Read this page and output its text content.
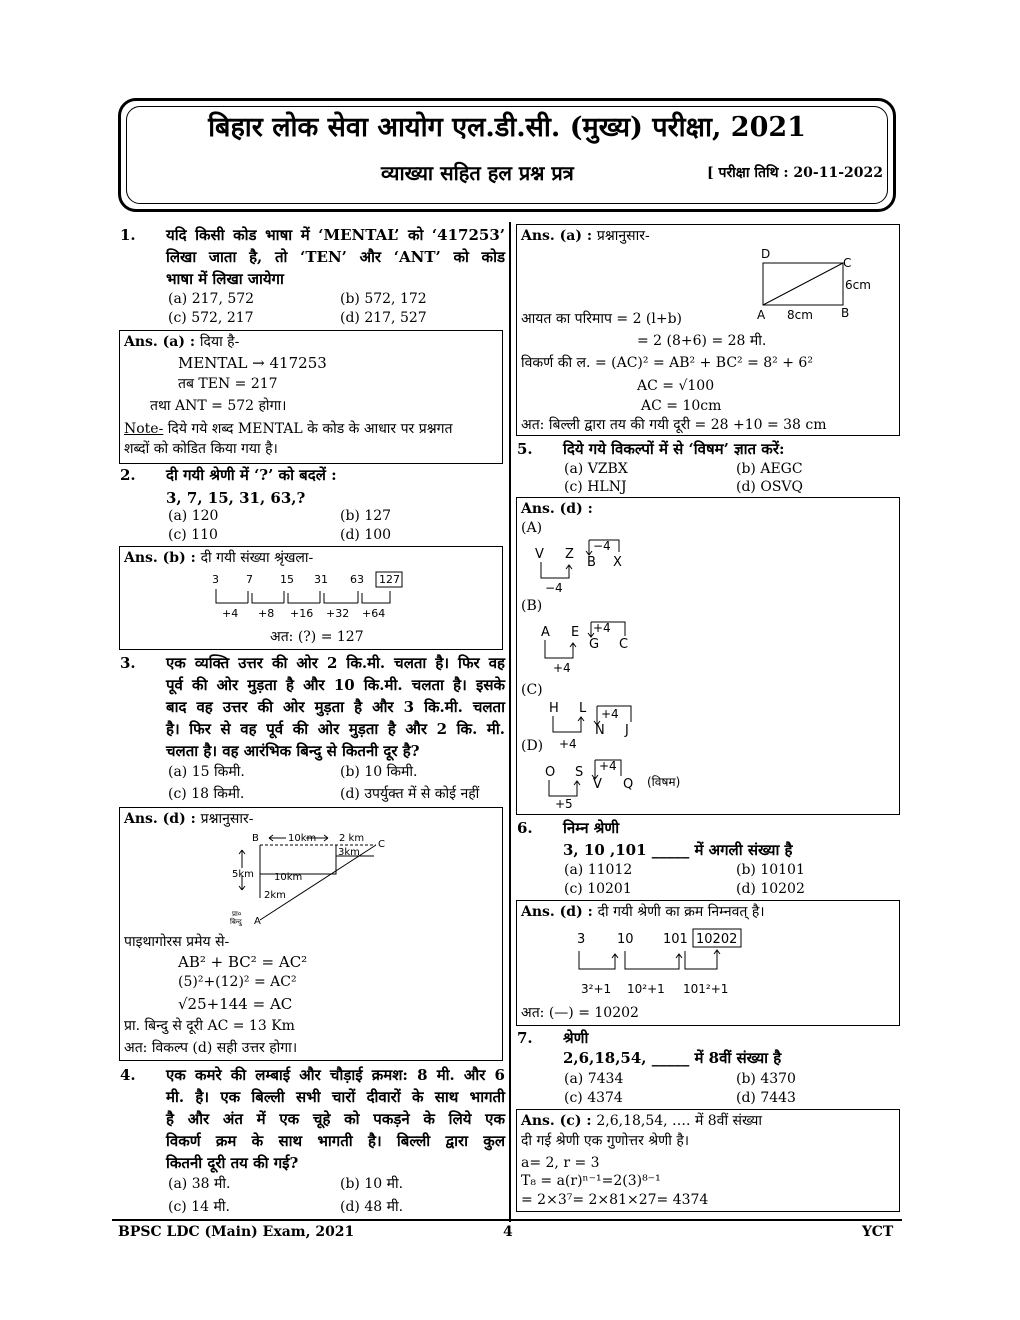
बिहार लोक सेवा आयोग एल.डी.सी. (मुख्य) परीक्षा, 2021
व्याख्या सहित हल प्रश्न प्रत्र	[ परीक्षा तिथि : 20-11-2022
1.	यदि किसी कोड भाषा में ‘MENTAL’ को ‘417253’
लिखा जाता है, तो ‘TEN’ और ‘ANT’ को कोड
भाषा में लिखा जायेगा
(a) 217, 572	(b) 572, 172
(c) 572, 217	(d) 217, 527
Ans. (a) : दिया है-
MENTAL → 417253
तब TEN = 217
तथा ANT = 572 होगा।
Note- दिये गये शब्द MENTAL के कोड के आधार पर प्रश्नगत
शब्दों को कोडित किया गया है।
2.	दी गयी श्रेणी में ‘?’ को बदलें :
3, 7, 15, 31, 63,?
(a) 120	(b) 127
(c) 110	(d) 100
Ans. (b) : दी गयी संख्या श्रृंखला-
3 7 15 31 63 127
+4 +8 +16 +32 +64
अत: (?) = 127
3.	एक व्यक्ति उत्तर की ओर 2 कि.मी. चलता है। फिर वह
पूर्व की ओर मुड़ता है और 10 कि.मी. चलता है। इसके
बाद वह उत्तर की ओर मुड़ता है और 3 कि.मी. चलता
है। फिर से वह पूर्व की ओर मुड़ता है और 2 कि. मी.
चलता है। वह आरंभिक बिन्दु से कितनी दूर है?
(a) 15 किमी.	(b) 10 किमी.
(c) 18 किमी.	(d) उपर्युक्त में से कोई नहीं
Ans. (d) : प्रश्नानुसार-
B	10km 2 km
C
3km
5km 10km
2km
प्रा०
बिन्दु A
पाइथागोरस प्रमेय से-
AB² + BC² = AC²
(5)²+(12)² = AC²
√25+144 = AC
प्रा. बिन्दु से दूरी AC = 13 Km
अत: विकल्प (d) सही उत्तर होगा।
4.	एक कमरे की लम्बाई और चौड़ाई क्रमश: 8 मी. और 6
मी. है। एक बिल्ली सभी चारों दीवारों के साथ भागती
है और अंत में एक चूहे को पकड़ने के लिये एक
विकर्ण क्रम के साथ भागती है। बिल्ली द्वारा कुल
कितनी दूरी तय की गई?
(a) 38 मी.	(b) 10 मी.
(c) 14 मी.	(d) 48 मी.
Ans. (a) : प्रश्नानुसार-
D
C
6cm
A 8cm B
आयत का परिमाप = 2 (l+b)
= 2 (8+6) = 28 मी.
विकर्ण की ल. = (AC)² = AB² + BC² = 8² + 6²
AC = √100
AC = 10cm
अत: बिल्ली द्वारा तय की गयी दूरी = 28 +10 = 38 cm
5.	दिये गये विकल्पों में से ‘विषम’ ज्ञात करें:
(a) VZBX	(b) AEGC
(c) HLNJ	(d) OSVQ
Ans. (d) :
(A)
(B)
(C)
(D)
V Z
B X
−4
−4
A E
G C
+4
+4
H L
N J
+4
+4
O S
V Q
+4
+5
(विषम)
6.	निम्न श्रेणी
3, 10 ,101 _____ में अगली संख्या है
(a) 11012	(b) 10101
(c) 10201	(d) 10202
Ans. (d) : दी गयी श्रेणी का क्रम निम्नवत् है।
3 10 101 10202
3²+1 10²+1 101²+1
अत: (—) = 10202
7.	श्रेणी
2,6,18,54, _____ में 8वीं संख्या है
(a) 7434	(b) 4370
(c) 4374	(d) 7443
Ans. (c) : 2,6,18,54, …. में 8वीं संख्या
दी गई श्रेणी एक गुणोत्तर श्रेणी है।
a= 2, r = 3
T₈ = a(r)ⁿ⁻¹=2(3)⁸⁻¹
= 2×3⁷= 2×81×27= 4374
BPSC LDC (Main) Exam, 2021	4	YCT
